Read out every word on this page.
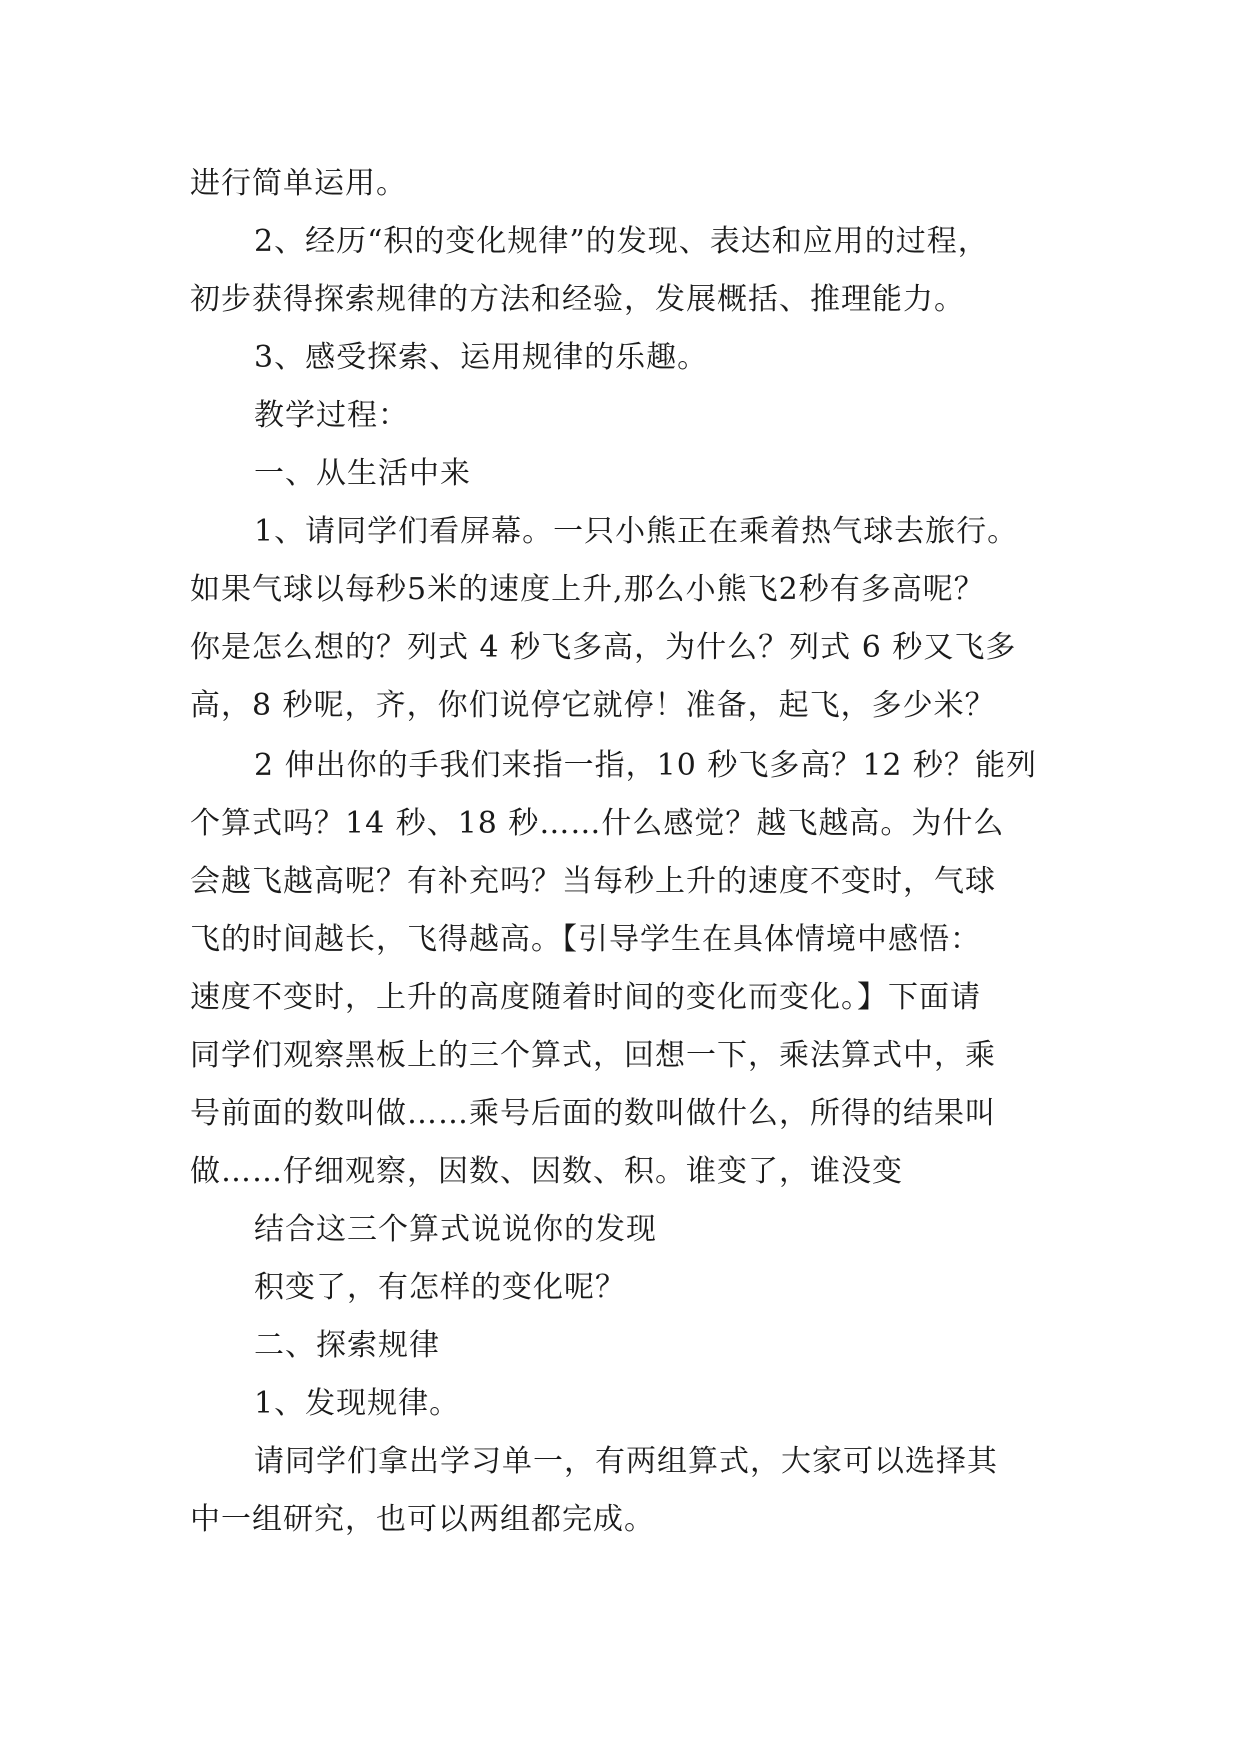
进行简单运用。
2、经历“积的变化规律”的发现、表达和应用的过程，
初步获得探索规律的方法和经验，发展概括、推理能力。
3、感受探索、运用规律的乐趣。
教学过程：
一、从生活中来
1、请同学们看屏幕。一只小熊正在乘着热气球去旅行。
如果气球以每秒5米的速度上升,那么小熊飞2秒有多高呢？
你是怎么想的？列式 4 秒飞多高，为什么？列式 6 秒又飞多
高，8 秒呢，齐，你们说停它就停！准备，起飞，多少米？
2 伸出你的手我们来指一指，10 秒飞多高？12 秒？能列
个算式吗？14 秒、18 秒……什么感觉？越飞越高。为什么
会越飞越高呢？有补充吗？当每秒上升的速度不变时，气球
飞的时间越长，飞得越高。【引导学生在具体情境中感悟：
速度不变时，上升的高度随着时间的变化而变化。】下面请
同学们观察黑板上的三个算式，回想一下，乘法算式中，乘
号前面的数叫做……乘号后面的数叫做什么，所得的结果叫
做……仔细观察，因数、因数、积。谁变了，谁没变
结合这三个算式说说你的发现
积变了，有怎样的变化呢？
二、探索规律
1、发现规律。
请同学们拿出学习单一，有两组算式，大家可以选择其
中一组研究，也可以两组都完成。
